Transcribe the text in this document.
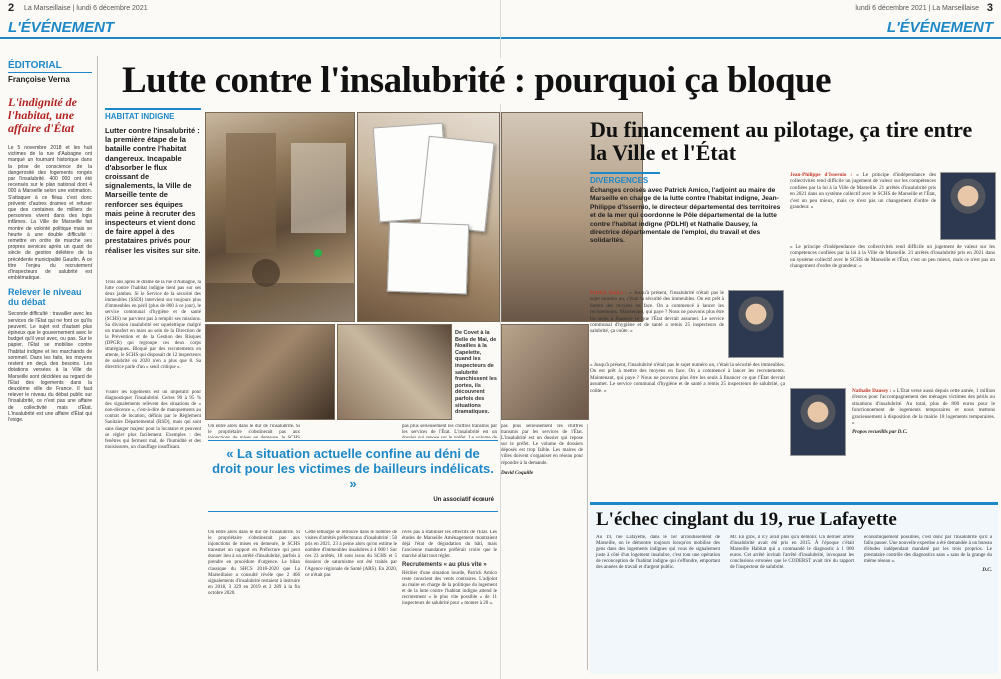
2 La Marseillaise | lundi 6 décembre 2021
L'ÉVÉNEMENT
ÉDITORIAL
Françoise Verna
L'indignité de l'habitat, une affaire d'État
Le 5 novembre 2018 et les huit victimes de la rue d'Aubagne ont marqué un tournant historique dans la prise de conscience de la dangerosité des logements rongés par l'insalubrité. 400 000 ont été recensés sur le plan national dont 4 000 à Marseille selon une estimation. S'attaquer à ce fléau c'est donc prévenir d'autres drames et refuser que des centaines de milliers de personnes vivent dans des logis infâmes. La Ville de Marseille fait montre de volonté politique mais se heurte à une double difficulté : remettre en ordre de marche ses propres services après un quart de siècle de gestion délétère de la précédente municipalité Gaudin. À ce titre l'enjeu du recrutement d'inspecteurs de salubrité est emblématique.
Relever le niveau du débat
Seconde difficulté : travailler avec les services de l'État qui ne font ce qu'ils peuvent. Le sujet est d'autant plus épineux que le gouvernement avec le budget qu'il veut avec, ou pas. Sur le papier, l'État se mobilise contre l'habitat indigne et les marchands de sommeil. Dans les faits, les moyens restent en deçà des besoins. Les dotations versées à la Ville de Marseille sont décidées au regard de l'État des logements dans la deuxième ville de France. Il faut relever le niveau du débat public sur l'insalubrité, ce n'est pas une affaire de collectivité mais d'État. L'insalubrité est une affaire d'État qui l'exige.
HABITAT INDIGNE
Lutter contre l'insalubrité : la première étape de la bataille contre l'habitat dangereux. Incapable d'absorber le flux croissant de signalements, la Ville de Marseille tente de renforcer ses équipes mais peine à recruter des inspecteurs et vient donc de faire appel à des prestataires privés pour réaliser les visites sur site.
Trois ans après le drame de la rue d'Aubagne, la lutte contre l'habitat indigne tient pas sur ses deux jambes. Si le Service de la sécurité des immeubles (SSDI) intervient sur toujours plus d'immeubles en péril (plus de 800 à ce jour), le service communal d'hygiène et de santé (SCHS) ne parvient pas à remplir ses missions. Sa division insalubrité est squelettique malgré un transfert en mars au sein de la Direction de la Prévention et de la Gestion des Risques (DPGR) qui regroupe ces deux corps stratégiques. Bloqué par des recrutements en attente, le SCHS qui disposait de 12 inspecteurs de salubrité en 2020 n'en a plus que 8. Sa directrice parle d'un « seuil critique ».
Visiter les logements est un impératif pour diagnostiquer l'insalubrité. Certes 90 à 95 % des signalements relèvent des situations de « non-décence », c'est-à-dire de manquements au contrat de location, définis par le Règlement Sanitaire Départemental (RSD), mais qui sont sans danger majeur pour la locataire et peuvent se régler plus facilement. Exemples : des fenêtres qui ferment mal, de l'humidité et des moisissures, un chauffage insuffisant.
On entre alors dans le dur de l'insalubrité. Si le propriétaire s'obstinerait pas aux
On entre alors dans le dur de l'insalubrité. Si le propriétaire s'obstinerait pas aux injonctions de mises en demeure, le SCHS transmet un rapport en Préfecture qui peut donner lieu à un arrêté d'insalubrité, parfois à prendre en procédure d'urgence. Le bilan classique du SHCS 2018-2020 que La Marseillaise a consulté révèle que 2 466 signalements d'insalubrité restaient à instruire en 2018, 3 329 en 2019 et 2 289 à la fin octobre 2020.
Cette léthargie se retrouve dans le nombre de visites d'arrêtés préfectoraux d'insalubrité : 58 pris en 2021. 23 à peine alors qu'on estime le nombre d'immeubles insalubres à 4 000 ! Sur ces 23 arrêtés, 18 sont issus du SCHS et 5 dossiers de saturnisme ont été traités par l'Agence régionale de Santé (ARS). En 2020, ce n'était pas
pas plus sérieusement les chiffres transmis par les services de l'État. L'insalubrité est un
rivés pas à stabiliser les effectifs de l'État. Les études de Marseille Aménagement montraient déjà l'état de dégradation du bâti, mais l'ancienne mandature préférait croire que le marché allait tout régler.
Recrutements « au plus vite »
Héritier d'une situation lourde, Patrick Amico reste conscient des vents contraires. L'adjoint au maire en charge de la politique du logement et de la lutte contre l'habitat indigne attend le recrutement « le plus vite possible » de 11 inspecteurs de salubrité pour « monter à 20 ».
De Covet à la Belle de Mai, de Noailles à la Capelette, quand les inspecteurs de salubrité franchissent les portes, ils découvrent parfois des situations dramatiques.
« La situation actuelle confine au déni de droit pour les victimes de bailleurs indélicats. »
Un associatif écœuré
lundi 6 décembre 2021 | La Marseillaise 3
L'ÉVÉNEMENT
pas plus sérieusement les chiffres transmis par les services de l'État. L'insalubrité est un dossier qui repose sur le préfet. Le volume de dossiers déposés est trop faible. Les maires de villes doivent s'organiser en réseau pour répondre à la demande.
David Coquille
Lutte contre l'insalubrité : pourquoi ça bloque
Du financement au pilotage, ça tire entre la Ville et l'État
DIVERGENCES
Échanges croisés avec Patrick Amico, l'adjoint au maire de Marseille en charge de la lutte contre l'habitat indigne, Jean-Philippe d'Issernio, le directeur départemental des territoires et de la mer qui coordonne le Pôle départemental de la lutte contre l'habitat indigne (PDLHI) et Nathalie Dausey, la directrice départementale de l'emploi, du travail et des solidarités.
Patrick Amico : « Jusqu'à présent, l'insalubrité n'était pas le sujet numéro un, c'était la sécurité des immeubles. On est prêt à mettre des moyens en face. On a commencé à lancer les recrutements. Maintenant, qui paye ? Nous ne pouvons plus être les seuls à financer ce que l'État devrait assumer. Le service communal d'hygiène et de santé a remis 25 inspecteurs de salubrité, ça coûte. »
« Jusqu'à présent, l'insalubrité n'était pas le sujet numéro un, c'était la sécurité des immeubles. On est prêt à mettre des moyens en face. On a commencé à lancer les recrutements. Maintenant, qui paye ? Nous ne pouvons plus être les seuls à financer ce que l'État devrait assumer. Le service communal d'hygiène et de santé a remis 25 inspecteurs de salubrité, ça coûte. »
Jean-Philippe d'Issernio : « Le principe d'indépendance des collectivités rend difficile un jugement de valeur sur les compétences confiées par la loi à la Ville de Marseille. 21 arrêtés d'insalubrité pris en 2021 dans un système collectif avec le SCHS de Marseille et l'État, c'est un peu mieux, mais ce n'est pas un changement d'ordre de grandeur. »
« Le principe d'indépendance des collectivités rend difficile un jugement de valeur sur les compétences confiées par la loi à la Ville de Marseille. 21 arrêtés d'insalubrité pris en 2021 dans un système collectif avec le SCHS de Marseille et l'État, c'est un peu mieux, mais ce n'est pas un changement d'ordre de grandeur. »
Nathalie Dausey : « L'État verse aussi depuis cette année, 1 million d'euros pour l'accompagnement des ménages victimes des périls ou situations d'insalubrité. Au total, plus de 800 euros pour le fonctionnement de logements temporaires et nous mettons gracieusement à disposition de la mairie 18 logements temporaires. »
Propos recueillis par D.C.
L'échec cinglant du 19, rue Lafayette
Au 19, rue Lafayette, dans le 1er arrondissement de Marseille, on le démontre toujours lorsqu'on mobilise des gens dans des logements indignes qui vous de signalement juste à côté d'un logement insalubre, c'est tout une opération de reconception de l'habitat indigne qui s'effondre, emportant des années de travail et d'argent public.
Mr. En gros, il n'y avait plus qu'à démolir. Un dernier arrêté d'insalubrité avait été pris en 2015. À l'époque c'était Marseille Habitat qui a commandé le diagnostic à 1 000 euros. Cet arrêté invitait l'arrêté d'insalubrité, invoquant les conclusions erronées que le CODERST avait tiré du rapport de l'inspecteur de salubrité.
économiquement possibles, c'est donc par l'insalubrité qu'il a fallu passer. Une nouvelle expertise a été demandée à un bureau d'études indépendant mandaté par les trois proprios. Le prestataire contrôle des diagnostics sans « sans de la grange du même réseau ».
D.C.
